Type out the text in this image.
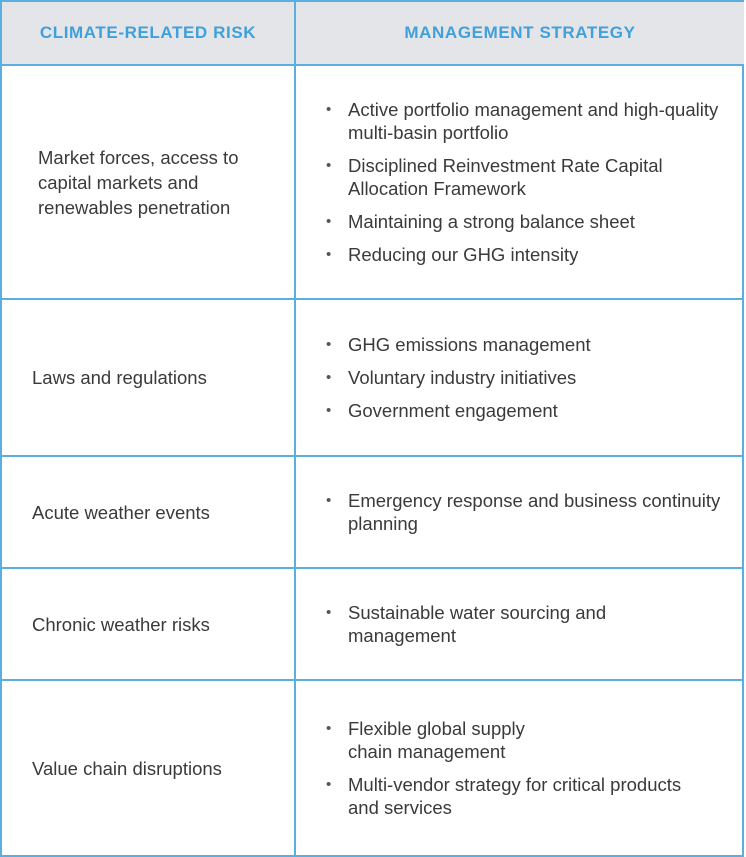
CLIMATE-RELATED RISK	MANAGEMENT STRATEGY
Market forces, access to capital markets and renewables penetration
• Active portfolio management and high-quality multi-basin portfolio
• Disciplined Reinvestment Rate Capital Allocation Framework
• Maintaining a strong balance sheet
• Reducing our GHG intensity
Laws and regulations
• GHG emissions management
• Voluntary industry initiatives
• Government engagement
Acute weather events
• Emergency response and business continuity planning
Chronic weather risks
• Sustainable water sourcing and management
Value chain disruptions
• Flexible global supply chain management
• Multi-vendor strategy for critical products and services
